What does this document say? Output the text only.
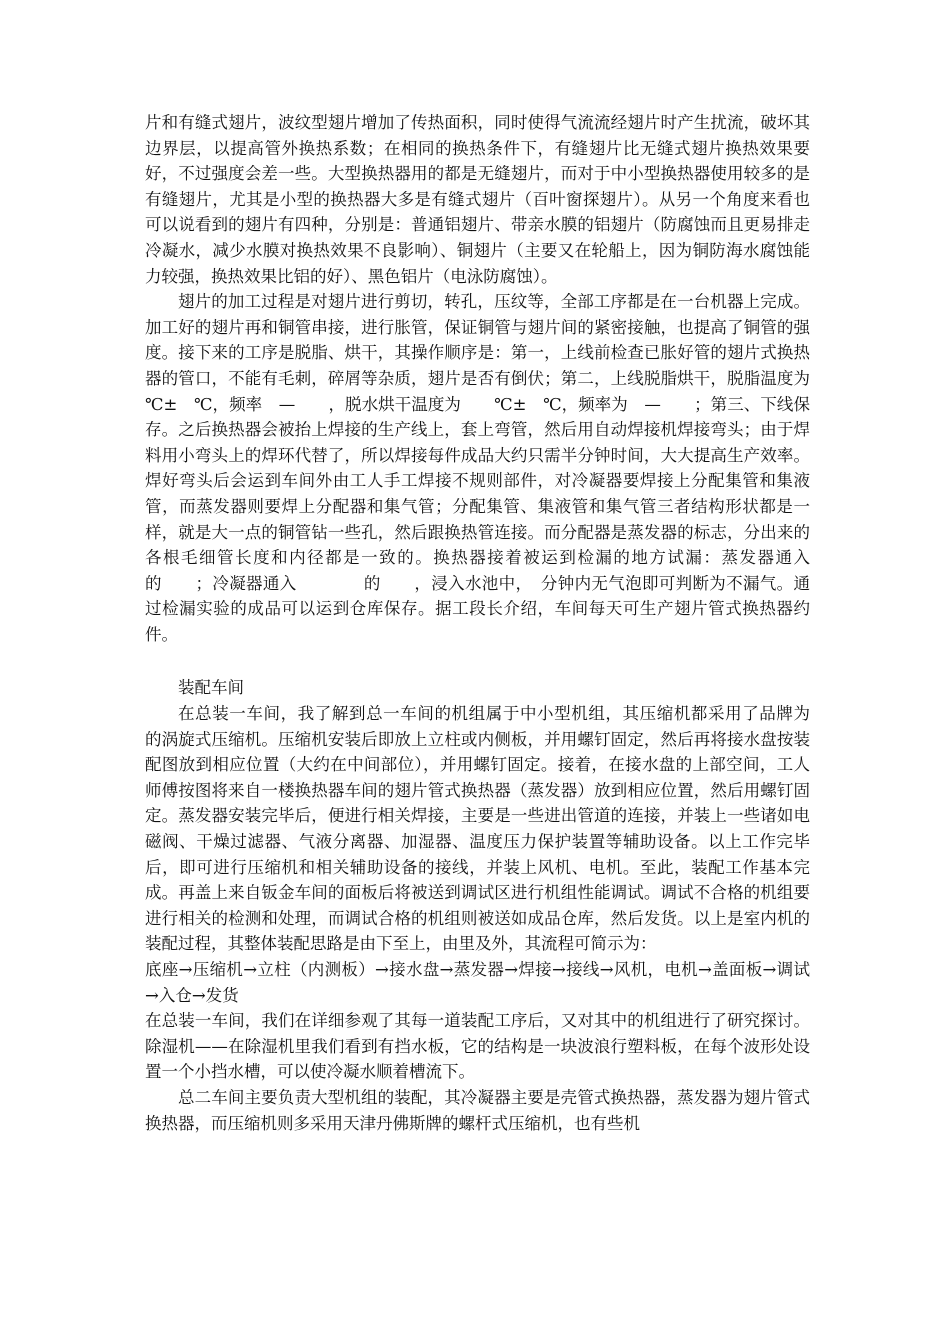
片和有缝式翅片，波纹型翅片增加了传热面积，同时使得气流流经翅片时产生扰流，破坏其边界层，以提高管外换热系数；在相同的换热条件下，有缝翅片比无缝式翅片换热效果要好，不过强度会差一些。大型换热器用的都是无缝翅片，而对于中小型换热器使用较多的是有缝翅片，尤其是小型的换热器大多是有缝式翅片（百叶窗探翅片）。从另一个角度来看也可以说看到的翅片有四种，分别是：普通铝翅片、带亲水膜的铝翅片（防腐蚀而且更易排走冷凝水，减少水膜对换热效果不良影响）、铜翅片（主要又在轮船上，因为铜防海水腐蚀能力较强，换热效果比铝的好）、黑色铝片（电泳防腐蚀）。

翅片的加工过程是对翅片进行剪切，转孔，压纹等，全部工序都是在一台机器上完成。加工好的翅片再和铜管串接，进行胀管，保证铜管与翅片间的紧密接触，也提高了铜管的强度。接下来的工序是脱脂、烘干，其操作顺序是：第一，上线前检查已胀好管的翅片式换热器的管口，不能有毛刺，碎屑等杂质，翅片是否有倒伏；第二，上线脱脂烘干，脱脂温度为　　℃±　℃，频率　—　　，脱水烘干温度为　　℃±　℃，频率为　—　　；第三、下线保存。之后换热器会被抬上焊接的生产线上，套上弯管，然后用自动焊接机焊接弯头；由于焊料用小弯头上的焊环代替了，所以焊接每件成品大约只需半分钟时间，大大提高生产效率。焊好弯头后会运到车间外由工人手工焊接不规则部件，对冷凝器要焊接上分配集管和集液管，而蒸发器则要焊上分配器和集气管；分配集管、集液管和集气管三者结构形状都是一样，就是大一点的铜管钻一些孔，然后跟换热管连接。而分配器是蒸发器的标志，分出来的各根毛细管长度和内径都是一致的。换热器接着被运到检漏的地方试漏：蒸发器通入　　　　的　　；冷凝器通入　　　　的　　，浸入水池中，　分钟内无气泡即可判断为不漏气。通过检漏实验的成品可以运到仓库保存。据工段长介绍，车间每天可生产翅片管式换热器约　　件。

装配车间

在总装一车间，我了解到总一车间的机组属于中小型机组，其压缩机都采用了品牌为　　　　　的涡旋式压缩机。压缩机安装后即放上立柱或内侧板，并用螺钉固定，然后再将接水盘按装配图放到相应位置（大约在中间部位），并用螺钉固定。接着，在接水盘的上部空间，工人师傅按图将来自一楼换热器车间的翅片管式换热器（蒸发器）放到相应位置，然后用螺钉固定。蒸发器安装完毕后，便进行相关焊接，主要是一些进出管道的连接，并装上一些诸如电磁阀、干燥过滤器、气液分离器、加湿器、温度压力保护装置等辅助设备。以上工作完毕后，即可进行压缩机和相关辅助设备的接线，并装上风机、电机。至此，装配工作基本完成。再盖上来自钣金车间的面板后将被送到调试区进行机组性能调试。调试不合格的机组要进行相关的检测和处理，而调试合格的机组则被送如成品仓库，然后发货。以上是室内机的装配过程，其整体装配思路是由下至上，由里及外，其流程可简示为：

底座→压缩机→立柱（内测板）→接水盘→蒸发器→焊接→接线→风机，电机→盖面板→调试→入仓→发货

在总装一车间，我们在详细参观了其每一道装配工序后，又对其中的机组进行了研究探讨。除湿机——在除湿机里我们看到有挡水板，它的结构是一块波浪行塑料板，在每个波形处设置一个小挡水槽，可以使冷凝水顺着槽流下。

总二车间主要负责大型机组的装配，其冷凝器主要是壳管式换热器，蒸发器为翅片管式换热器，而压缩机则多采用天津丹佛斯牌的螺杆式压缩机，也有些机
